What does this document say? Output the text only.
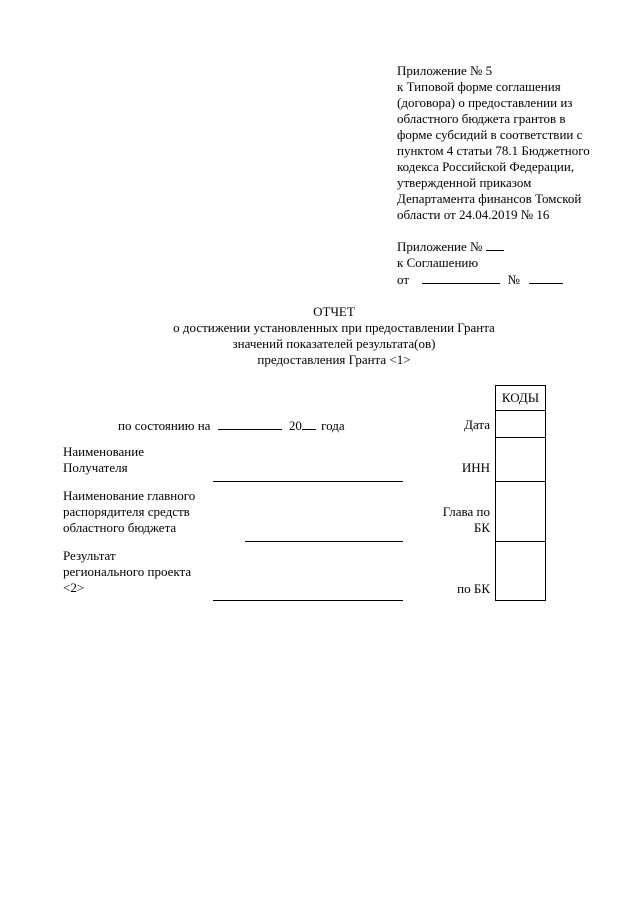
Приложение № 5
к Типовой форме соглашения
(договора) о предоставлении из
областного бюджета грантов в
форме субсидий в соответствии с
пунктом 4 статьи 78.1 Бюджетного
кодекса Российской Федерации,
утвержденной приказом
Департамента финансов Томской
области от 24.04.2019 № 16
Приложение №
к Соглашению
от	№
ОТЧЕТ
о достижении установленных при предоставлении Гранта
значений показателей результата(ов)
предоставления Гранта <1>
КОДЫ
по состоянию на	20 года	Дата
Наименование
Получателя	ИНН
Наименование главного
распорядителя средств
областного бюджета
Глава по
БК
Результат
регионального проекта
<2>	по БК
